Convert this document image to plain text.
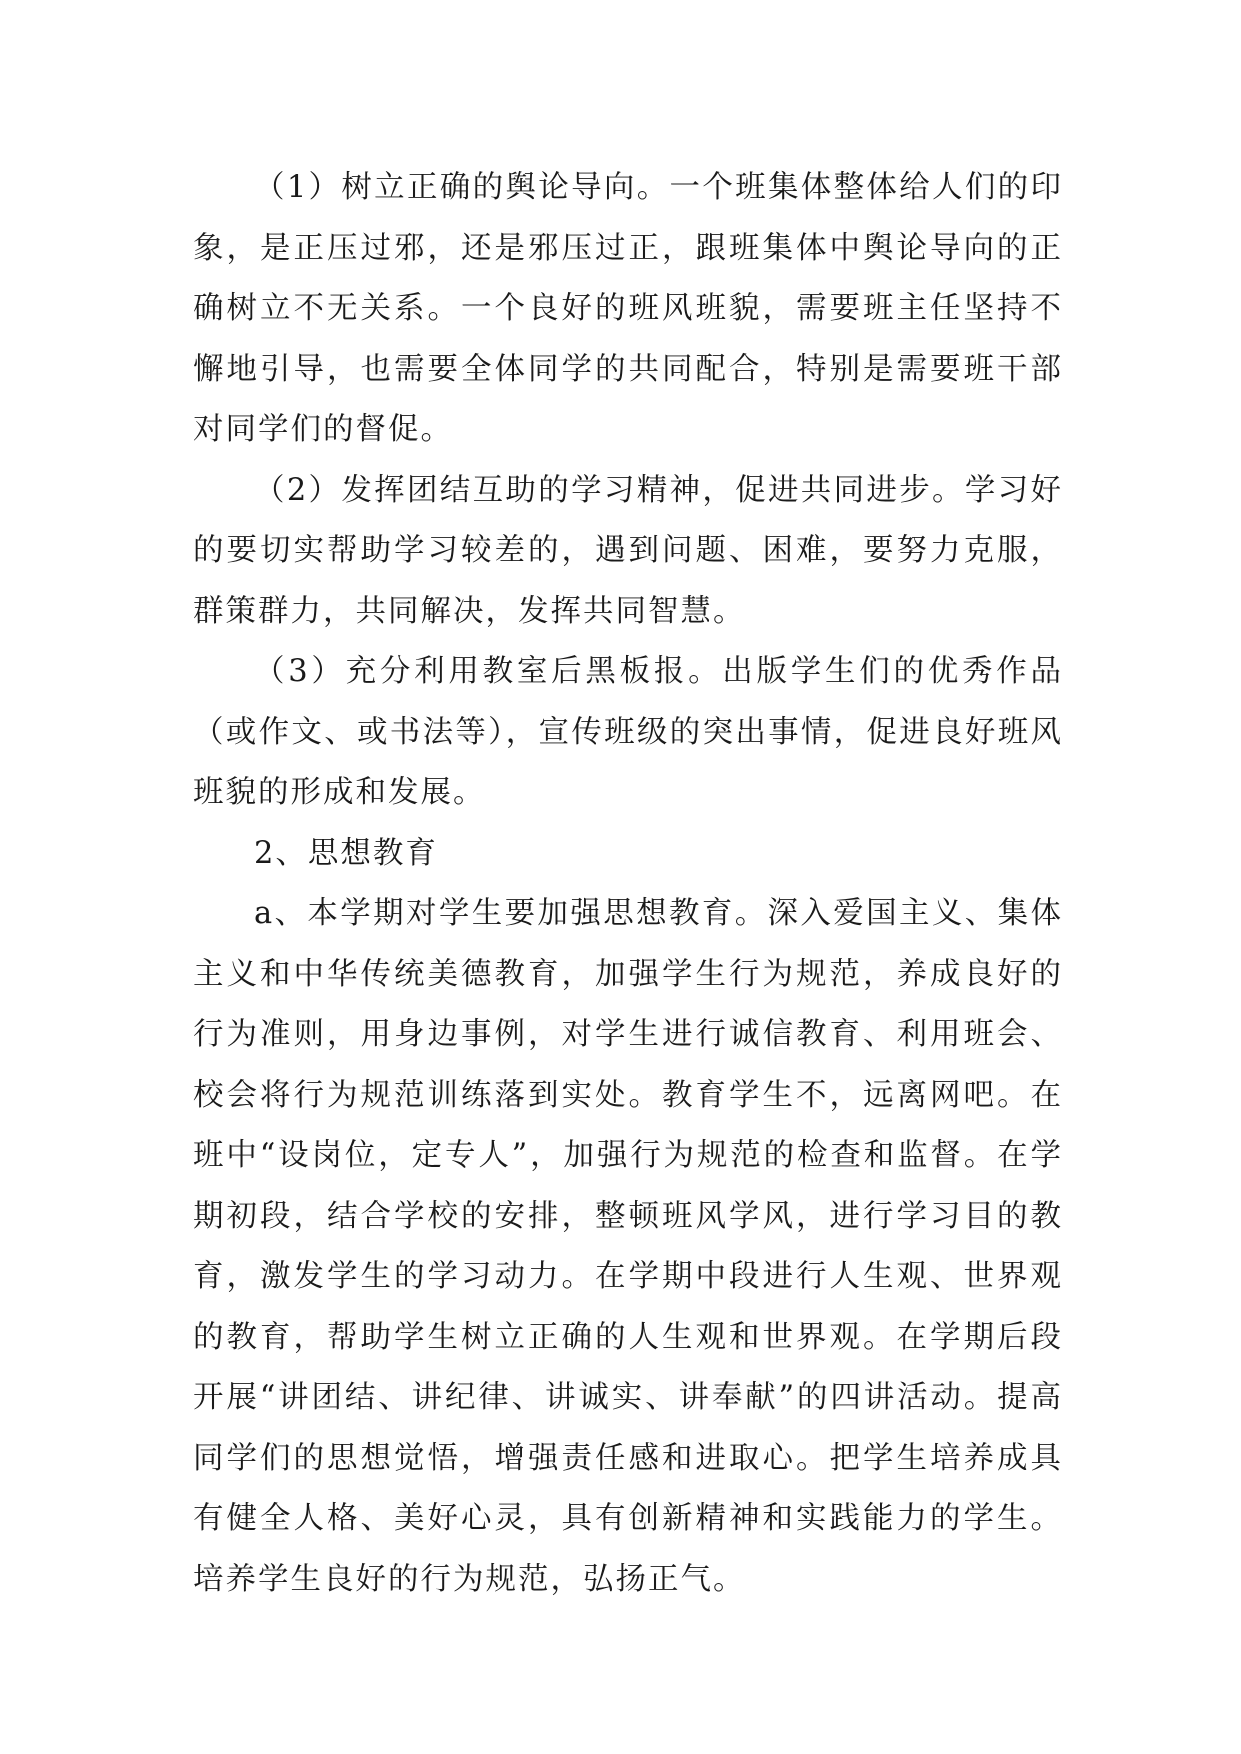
（1）树立正确的舆论导向。一个班集体整体给人们的印象，是正压过邪，还是邪压过正，跟班集体中舆论导向的正确树立不无关系。一个良好的班风班貌，需要班主任坚持不懈地引导，也需要全体同学的共同配合，特别是需要班干部对同学们的督促。

（2）发挥团结互助的学习精神，促进共同进步。学习好的要切实帮助学习较差的，遇到问题、困难，要努力克服，群策群力，共同解决，发挥共同智慧。

（3）充分利用教室后黑板报。出版学生们的优秀作品（或作文、或书法等），宣传班级的突出事情，促进良好班风班貌的形成和发展。

2、思想教育

a、本学期对学生要加强思想教育。深入爱国主义、集体主义和中华传统美德教育，加强学生行为规范，养成良好的行为准则，用身边事例，对学生进行诚信教育、利用班会、校会将行为规范训练落到实处。教育学生不，远离网吧。在班中“设岗位，定专人”，加强行为规范的检查和监督。在学期初段，结合学校的安排，整顿班风学风，进行学习目的教育，激发学生的学习动力。在学期中段进行人生观、世界观的教育，帮助学生树立正确的人生观和世界观。在学期后段开展“讲团结、讲纪律、讲诚实、讲奉献”的四讲活动。提高同学们的思想觉悟，增强责任感和进取心。把学生培养成具有健全人格、美好心灵，具有创新精神和实践能力的学生。培养学生良好的行为规范，弘扬正气。
